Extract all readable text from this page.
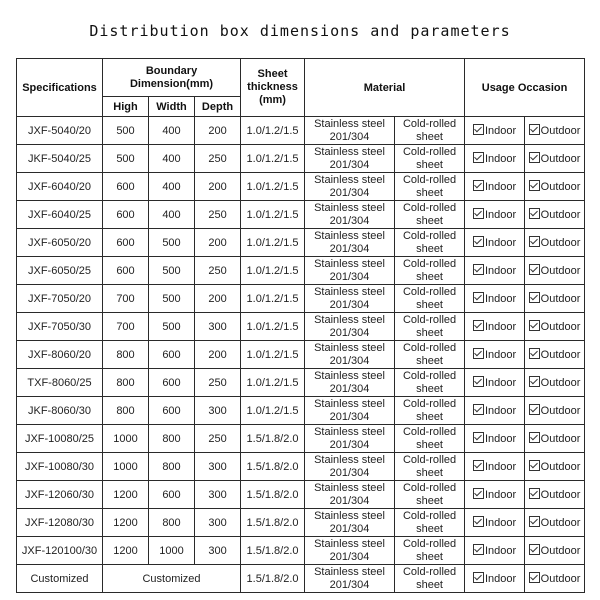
Distribution box dimensions and parameters
Specifications	Boundary
Dimension(mm)			Sheet
thickness
(mm)	Material		Usage Occasion	
	High	Width	Depth					
JXF-5040/20	500	400	200	1.0/1.2/1.5	Stainless steel
201/304	Cold-rolled
sheet	Indoor	Outdoor
JKF-5040/25	500	400	250	1.0/1.2/1.5	Stainless steel
201/304	Cold-rolled
sheet	Indoor	Outdoor
JXF-6040/20	600	400	200	1.0/1.2/1.5	Stainless steel
201/304	Cold-rolled
sheet	Indoor	Outdoor
JXF-6040/25	600	400	250	1.0/1.2/1.5	Stainless steel
201/304	Cold-rolled
sheet	Indoor	Outdoor
JXF-6050/20	600	500	200	1.0/1.2/1.5	Stainless steel
201/304	Cold-rolled
sheet	Indoor	Outdoor
JXF-6050/25	600	500	250	1.0/1.2/1.5	Stainless steel
201/304	Cold-rolled
sheet	Indoor	Outdoor
JXF-7050/20	700	500	200	1.0/1.2/1.5	Stainless steel
201/304	Cold-rolled
sheet	Indoor	Outdoor
JXF-7050/30	700	500	300	1.0/1.2/1.5	Stainless steel
201/304	Cold-rolled
sheet	Indoor	Outdoor
JXF-8060/20	800	600	200	1.0/1.2/1.5	Stainless steel
201/304	Cold-rolled
sheet	Indoor	Outdoor
TXF-8060/25	800	600	250	1.0/1.2/1.5	Stainless steel
201/304	Cold-rolled
sheet	Indoor	Outdoor
JKF-8060/30	800	600	300	1.0/1.2/1.5	Stainless steel
201/304	Cold-rolled
sheet	Indoor	Outdoor
JXF-10080/25	1000	800	250	1.5/1.8/2.0	Stainless steel
201/304	Cold-rolled
sheet	Indoor	Outdoor
JXF-10080/30	1000	800	300	1.5/1.8/2.0	Stainless steel
201/304	Cold-rolled
sheet	Indoor	Outdoor
JXF-12060/30	1200	600	300	1.5/1.8/2.0	Stainless steel
201/304	Cold-rolled
sheet	Indoor	Outdoor
JXF-12080/30	1200	800	300	1.5/1.8/2.0	Stainless steel
201/304	Cold-rolled
sheet	Indoor	Outdoor
JXF-120100/30	1200	1000	300	1.5/1.8/2.0	Stainless steel
201/304	Cold-rolled
sheet	Indoor	Outdoor
Customized	Customized			1.5/1.8/2.0	Stainless steel
201/304	Cold-rolled
sheet	Indoor	Outdoor
